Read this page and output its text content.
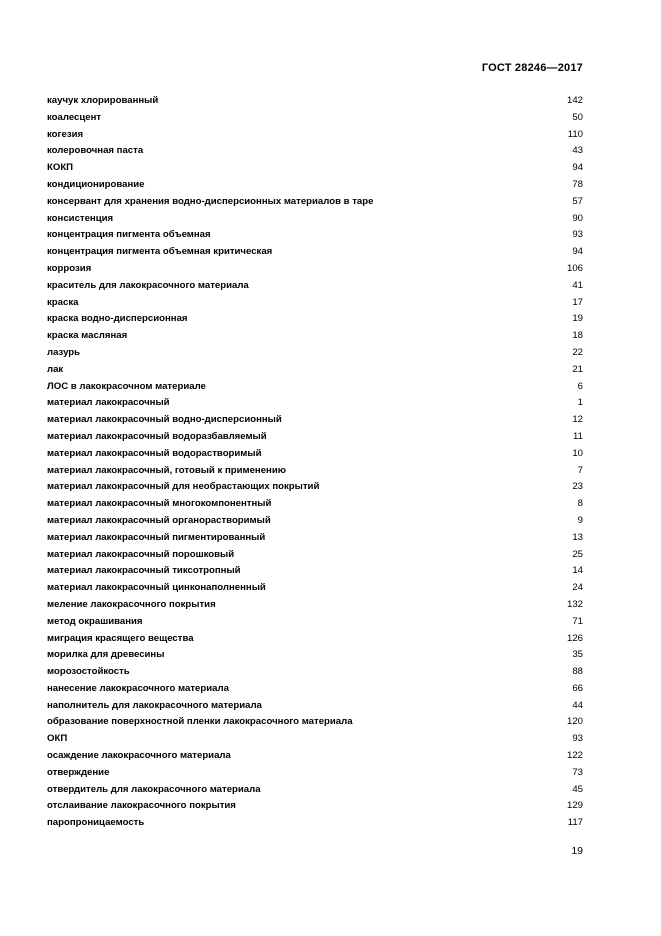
ГОСТ 28246—2017
каучук хлорированный	142
коалесцент	50
когезия	110
колеровочная паста	43
КОКП	94
кондиционирование	78
консервант для хранения водно-дисперсионных материалов в таре	57
консистенция	90
концентрация пигмента объемная	93
концентрация пигмента объемная критическая	94
коррозия	106
краситель для лакокрасочного материала	41
краска	17
краска водно-дисперсионная	19
краска масляная	18
лазурь	22
лак	21
ЛОС в лакокрасочном материале	6
материал лакокрасочный	1
материал лакокрасочный водно-дисперсионный	12
материал лакокрасочный водоразбавляемый	11
материал лакокрасочный водорастворимый	10
материал лакокрасочный, готовый к применению	7
материал лакокрасочный для необрастающих покрытий	23
материал лакокрасочный многокомпонентный	8
материал лакокрасочный органорастворимый	9
материал лакокрасочный пигментированный	13
материал лакокрасочный порошковый	25
материал лакокрасочный тиксотропный	14
материал лакокрасочный цинконаполненный	24
меление лакокрасочного покрытия	132
метод окрашивания	71
миграция красящего вещества	126
морилка для древесины	35
морозостойкость	88
нанесение лакокрасочного материала	66
наполнитель для лакокрасочного материала	44
образование поверхностной пленки лакокрасочного материала	120
ОКП	93
осаждение лакокрасочного материала	122
отверждение	73
отвердитель для лакокрасочного материала	45
отслаивание лакокрасочного покрытия	129
паропроницаемость	117
19
